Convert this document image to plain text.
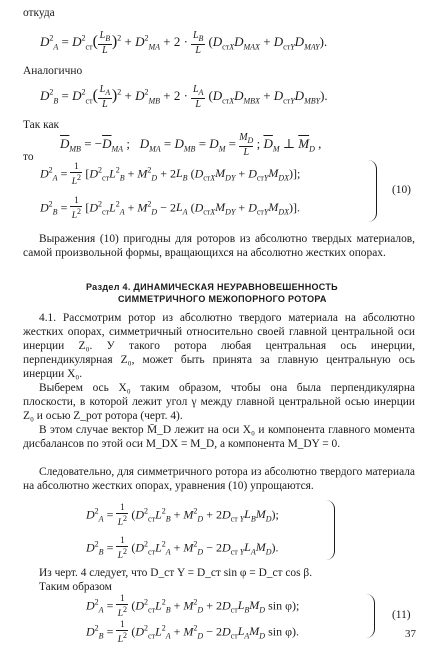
откуда
$D^2_A = D^2_{ст}(\frac{L_B}{L})^2 + D^2_{MA} + 2 \cdot \frac{L_B}{L} (D_{стX}D_{MAX} + D_{стY}D_{MAY})$.
Аналогично
$D^2_B = D^2_{ст}(\frac{L_A}{L})^2 + D^2_{MB} + 2 \cdot \frac{L_A}{L} (D_{стX}D_{MBX} + D_{стY}D_{MBY})$.
Так как
$\overline{D}_{MB} = -\overline{D}_{MA}$ ;   $D_{MA} = D_{MB} = D_M = \frac{M_D}{L}$ ; $\overline{D}_M$ ⊥ $\overline{M}_D$ ,
то
$D^2_A = 1$
$L^2$ [$D^2_{ст}L^2_B + M^2_D + 2L_B$ $(D_{стX}M_{DY} + D_{стY}M_{DX})$];
$D^2_B = 1$
$L^2$ [$D^2_{ст}L^2_A + M^2_D - 2L_A$ $(D_{стX}M_{DY} + D_{стY}M_{DX})$].
(10)
Выражения (10) пригодны для роторов из абсолютно твердых материалов, самой произвольной формы, вращающихся на абсолютно жестких опорах.
Раздел 4. ДИНАМИЧЕСКАЯ НЕУРАВНОВЕШЕННОСТЬ
СИММЕТРИЧНОГО МЕЖОПОРНОГО РОТОРА
4.1. Рассмотрим ротор из абсолютно твердого материала на абсолютно жестких опорах, симметричный относительно своей главной центральной оси инерции Z₀. У такого ротора любая центральная ось инерции, перпендикулярная Z₀, может быть принята за главную центральную ось инерции X₀.
Выберем ось X₀ таким образом, чтобы она была перпендикулярна плоскости, в которой лежит угол γ между главной центральной осью инерции Z₀ и осью Z_рот ротора (черт. 4).
В этом случае вектор M̄_D лежит на оси X₀ и компонента главного момента дисбалансов по этой оси M_DX = M_D, а компонента M_DY = 0.
Следовательно, для симметричного ротора из абсолютно твердого материала на абсолютно жестких опорах, уравнения (10) упрощаются.
$D^2_A = 1$
$L^2$ $(D^2_{ст}L^2_B + M^2_D + 2D_{ст Y}L_BM_D)$;
$D^2_B = 1$
$L^2$ $(D^2_{ст}L^2_A + M^2_D - 2D_{ст Y}L_AM_D)$.
Из черт. 4 следует, что D_ст Y = D_ст sin φ = D_ст cos β.
Таким образом
$D^2_A = 1$
$L^2$ ($D^2_{ст}L^2_B + M^2_D + 2D_{ст}L_BM_D$ sin φ);
$D^2_B = 1$
$L^2$ ($D^2_{ст}L^2_A + M^2_D - 2D_{ст}L_AM_D$ sin φ).
(11)
37
